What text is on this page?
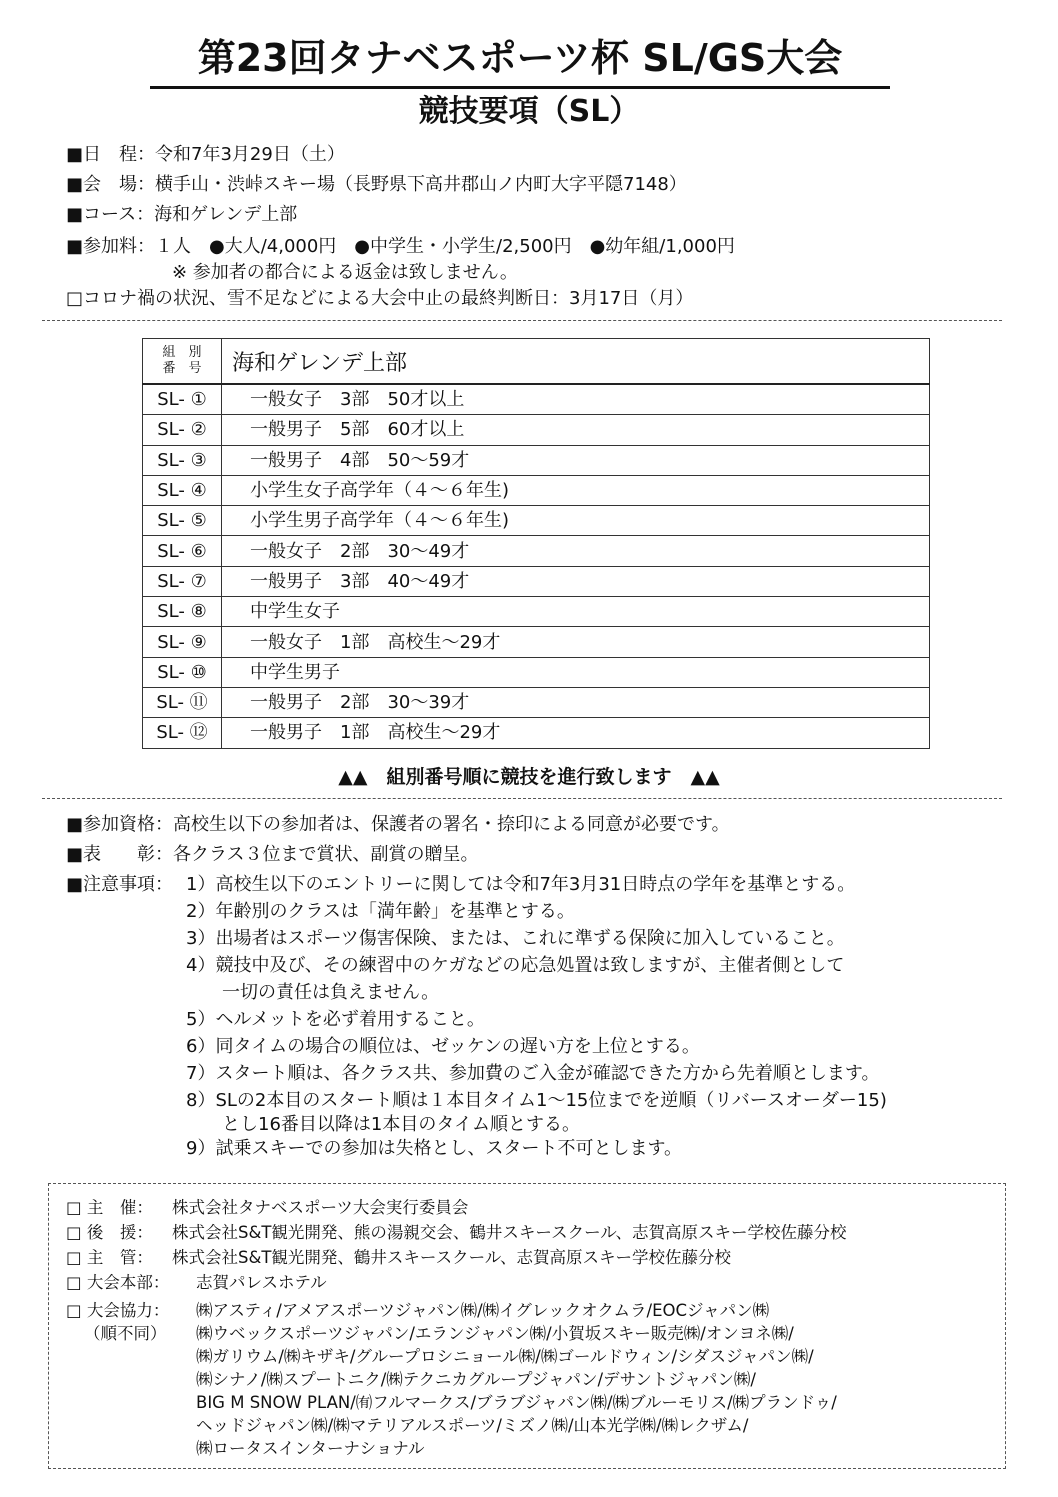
第23回タナベスポーツ杯 SL/GS大会
競技要項（SL）
■日　程：令和7年3月29日（土）
■会　場：横手山・渋峠スキー場（長野県下高井郡山ノ内町大字平隠7148）
■コース：海和ゲレンデ上部
■参加料：１人　●大人/4,000円　●中学生・小学生/2,500円　●幼年組/1,000円
※ 参加者の都合による返金は致しません。
□コロナ禍の状況、雪不足などによる大会中止の最終判断日：3月17日（月）
組　別
番　号	海和ゲレンデ上部
SL- ①	一般女子　3部　50才以上
SL- ②	一般男子　5部　60才以上
SL- ③	一般男子　4部　50～59才
SL- ④	小学生女子高学年（４～６年生)
SL- ⑤	小学生男子高学年（４～６年生)
SL- ⑥	一般女子　2部　30～49才
SL- ⑦	一般男子　3部　40～49才
SL- ⑧	中学生女子
SL- ⑨	一般女子　1部　高校生～29才
SL- ⑩	中学生男子
SL- ⑪	一般男子　2部　30～39才
SL- ⑫	一般男子　1部　高校生～29才
▲▲　組別番号順に競技を進行致します　▲▲
■参加資格：高校生以下の参加者は、保護者の署名・捺印による同意が必要です。
■表　　彰：各クラス３位まで賞状、副賞の贈呈。
■注意事項： 1）高校生以下のエントリーに関しては令和7年3月31日時点の学年を基準とする。
2）年齢別のクラスは「満年齢」を基準とする。
3）出場者はスポーツ傷害保険、または、これに準ずる保険に加入していること。
4）競技中及び、その練習中のケガなどの応急処置は致しますが、主催者側として
一切の責任は負えません。
5）ヘルメットを必ず着用すること。
6）同タイムの場合の順位は、ゼッケンの遅い方を上位とする。
7）スタート順は、各クラス共、参加費のご入金が確認できた方から先着順とします。
8）SLの2本目のスタート順は１本目タイム1～15位までを逆順（リバースオーダー15)
とし16番目以降は1本目のタイム順とする。
9）試乗スキーでの参加は失格とし、スタート不可とします。
□ 主　催： 株式会社タナベスポーツ大会実行委員会
□ 後　援： 株式会社S&T観光開発、熊の湯親交会、鶴井スキースクール、志賀高原スキー学校佐藤分校
□ 主　管： 株式会社S&T観光開発、鶴井スキースクール、志賀高原スキー学校佐藤分校
□ 大会本部： 志賀パレスホテル
□ 大会協力：
（順不同）
㈱アスティ/アメアスポーツジャパン㈱/㈱イグレックオクムラ/EOCジャパン㈱
㈱ウベックスポーツジャパン/エランジャパン㈱/小賀坂スキー販売㈱/オンヨネ㈱/
㈱ガリウム/㈱キザキ/グループロシニョール㈱/㈱ゴールドウィン/シダスジャパン㈱/
㈱シナノ/㈱スプートニク/㈱テクニカグループジャパン/デサントジャパン㈱/
BIG M SNOW PLAN/㈲フルマークス/ブラブジャパン㈱/㈱ブルーモリス/㈱プランドゥ/
ヘッドジャパン㈱/㈱マテリアルスポーツ/ミズノ㈱/山本光学㈱/㈱レクザム/
㈱ロータスインターナショナル
